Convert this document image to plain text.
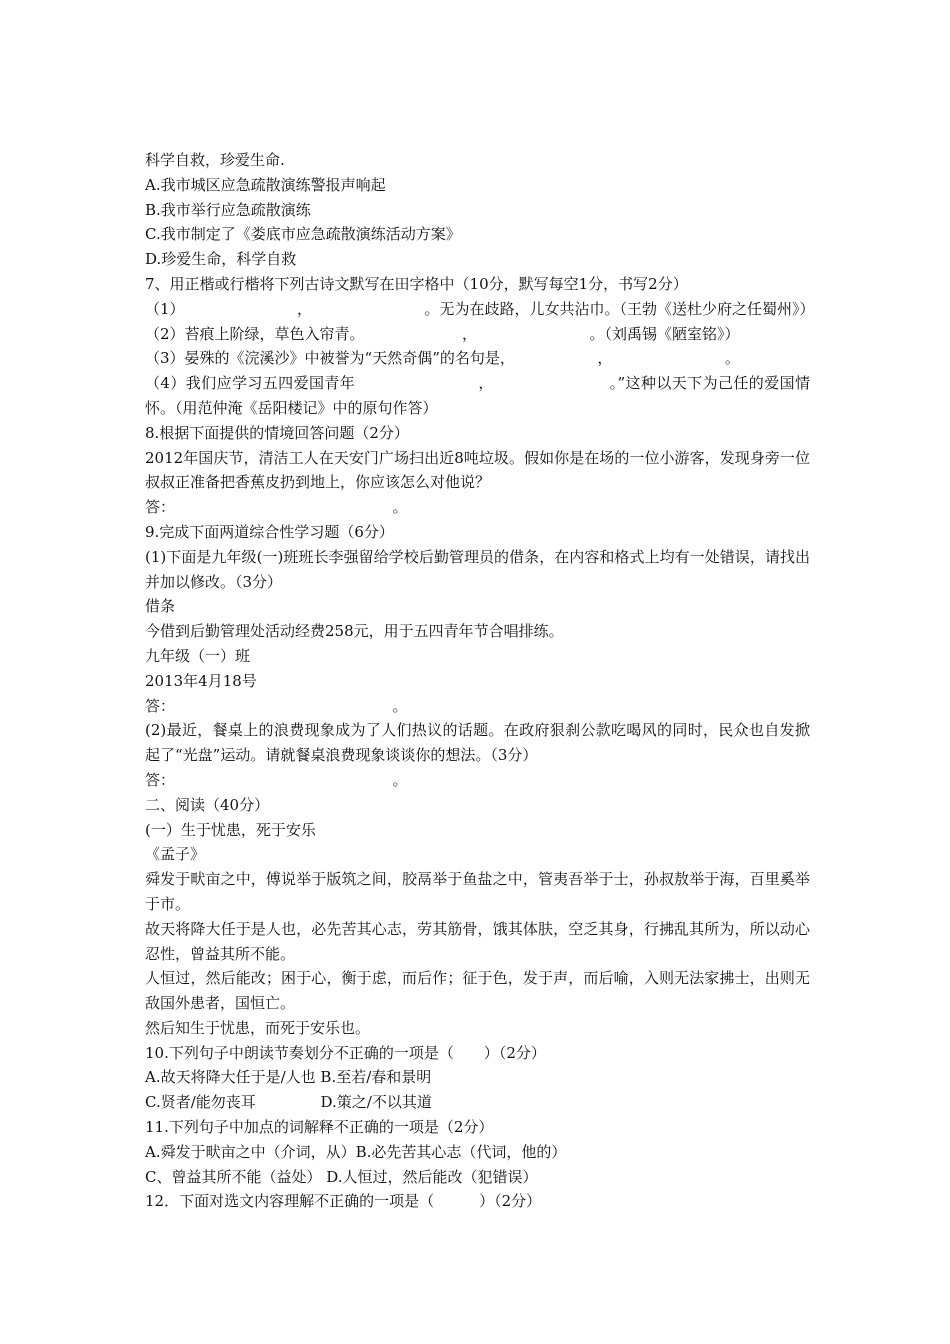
科学自救，珍爱生命.
A.我市城区应急疏散演练警报声响起
B.我市举行应急疏散演练
C.我市制定了《娄底市应急疏散演练活动方案》
D.珍爱生命，科学自救
7、用正楷或行楷将下列古诗文默写在田字格中（10分，默写每空1分，书写2分）
（1）　　　　　　　　，　　　　　　　　。无为在歧路，儿女共沾巾。（王勃《送杜少府之任蜀州》）
（2）苔痕上阶绿，草色入帘青。　　　　　　　，　　　　　　　　。（刘禹锡《陋室铭》）
（3）晏殊的《浣溪沙》中被誉为“天然奇偶”的名句是，　　　　　　，　　　　　　　　。
（4）我们应学习五四爱国青年　　　　　　　　，　　　　　　　　。”这种以天下为己任的爱国情怀。（用范仲淹《岳阳楼记》中的原句作答）
8.根据下面提供的情境回答问题（2分）
2012年国庆节，清洁工人在天安门广场扫出近8吨垃圾。假如你是在场的一位小游客，发现身旁一位叔叔正准备把香蕉皮扔到地上，你应该怎么对他说？
答：　　　　　　　　　　　　　　　。
9.完成下面两道综合性学习题（6分）
(1)下面是九年级(一)班班长李强留给学校后勤管理员的借条，在内容和格式上均有一处错误，请找出并加以修改。（3分）
借条
今借到后勤管理处活动经费258元，用于五四青年节合唱排练。
九年级（一）班
2013年4月18号
答：　　　　　　　　　　　　　　　。
(2)最近，餐桌上的浪费现象成为了人们热议的话题。在政府狠刹公款吃喝风的同时，民众也自发掀起了“光盘”运动。请就餐桌浪费现象谈谈你的想法。（3分）
答：　　　　　　　　　　　　　　　。
二、阅读（40分）
(一）生于忧患，死于安乐
《孟子》
舜发于畎亩之中，傅说举于版筑之间，胶鬲举于鱼盐之中，管夷吾举于士，孙叔敖举于海，百里奚举于市。
故天将降大任于是人也，必先苦其心志，劳其筋骨，饿其体肤，空乏其身，行拂乱其所为，所以动心忍性，曾益其所不能。
人恒过，然后能改；困于心，衡于虑，而后作；征于色，发于声，而后喻，入则无法家拂士，出则无敌国外患者，国恒亡。
然后知生于忧患，而死于安乐也。
10.下列句子中朗读节奏划分不正确的一项是（　　）（2分）
A.故天将降大任于是/人也 B.至若/春和景明
C.贤者/能勿丧耳　　　　 D.策之/不以其道
11.下列句子中加点的词解释不正确的一项是（2分）
A.舜发于畎亩之中（介词，从）B.必先苦其心志（代词，他的）
C、曾益其所不能（益处） D.人恒过，然后能改（犯错误）
12．下面对选文内容理解不正确的一项是（　　　）（2分）
